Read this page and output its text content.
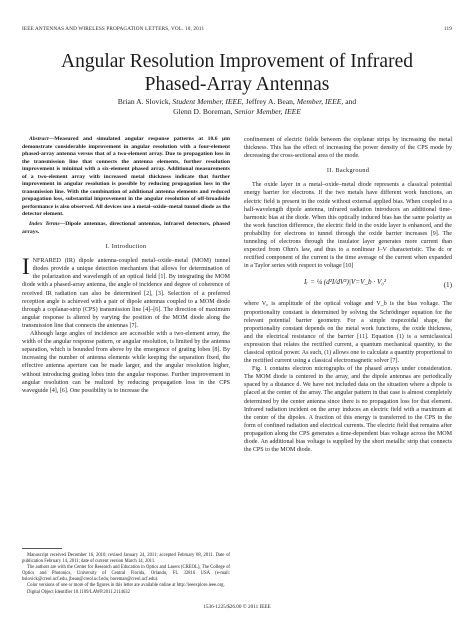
IEEE ANTENNAS AND WIRELESS PROPAGATION LETTERS, VOL. 10, 2011	119
Angular Resolution Improvement of Infrared
Phased-Array Antennas
Brian A. Slovick, Student Member, IEEE, Jeffrey A. Bean, Member, IEEE, and
Glenn D. Boreman, Senior Member, IEEE

Abstract—Measured and simulated angular response patterns at 10.6 μm demonstrate considerable improvement in angular resolution with a four-element phased-array antenna versus that of a two-element array. Due to propagation loss in the transmission line that connects the antenna elements, further resolution improvement is minimal with a six-element phased array. Additional measurements of a two-element array with increased metal thickness indicate that further improvement in angular resolution is possible by reducing propagation loss in the transmission line. With the combination of additional antenna elements and reduced propagation loss, substantial improvement in the angular resolution of off-broadside performance is also observed. All devices use a metal–oxide–metal tunnel diode as the detector element.

Index Terms—Dipole antennas, directional antennas, infrared detectors, phased arrays.

I. Introduction

INFRARED (IR) dipole antenna-coupled metal–oxide–metal (MOM) tunnel diodes provide a unique detection mechanism that allows for determination of the polarization and wavelength of an optical field [1]. By integrating the MOM diode with a phased-array antenna, the angle of incidence and degree of coherence of received IR radiation can also be determined [2], [3]. Selection of a preferred reception angle is achieved with a pair of dipole antennas coupled to a MOM diode through a coplanar-strip (CPS) transmission line [4]–[6]. The direction of maximum angular response is altered by varying the position of the MOM diode along the transmission line that connects the antennas [7].

Although large angles of incidence are accessible with a two-element array, the width of the angular response pattern, or angular resolution, is limited by the antenna separation, which is bounded from above by the emergence of grating lobes [8]. By increasing the number of antenna elements while keeping the separation fixed, the effective antenna aperture can be made larger, and the angular resolution higher, without introducing grating lobes into the angular response. Further improvement in angular resolution can be realized by reducing propagation loss in the CPS waveguide [4], [6]. One possibility is to increase the

Manuscript received December 16, 2010; revised January 24, 2011; accepted February 08, 2011. Date of publication February 14, 2011; date of current version March 14, 2011.

The authors are with the Center for Research and Education in Optics and Lasers (CREOL), The College of Optics and Photonics, University of Central Florida, Orlando, FL 32816 USA (e-mail: bslovick@creol.ucf.edu, jbean@creol.ucf.edu; boreman@creol.ucf.edu).

Color versions of one or more of the figures in this letter are available online at http://ieeexplore.ieee.org.

Digital Object Identifier 10.1109/LAWP.2011.2114632

confinement of electric fields between the coplanar strips by increasing the metal thickness. This has the effect of increasing the power density of the CPS mode by decreasing the cross-sectional area of the mode.

II. Background

The oxide layer in a metal–oxide–metal diode represents a classical potential energy barrier for electrons. If the two metals have different work functions, an electric field is present in the oxide without external applied bias. When coupled to a half-wavelength dipole antenna, infrared radiation introduces an additional time-harmonic bias at the diode. When this optically induced bias has the same polarity as the work function difference, the electric field in the oxide layer is enhanced, and the probability for electrons to tunnel through the oxide barrier increases [9]. The tunneling of electrons through the insulator layer generates more current than expected from Ohm's law, and thus to a nonlinear I–V characteristic. The dc or rectified component of the current is the time average of the current when expanded in a Taylor series with respect to voltage [10]

Iᵣ = ¼ (d²I/dV²)|V=V_b · V₀²	(1)

where V₀ is amplitude of the optical voltage and V_b is the bias voltage. The proportionality constant is determined by solving the Schrödinger equation for the relevant potential barrier geometry. For a simple trapezoidal shape, the proportionality constant depends on the metal work functions, the oxide thickness, and the electrical resistance of the barrier [11]. Equation (1) is a semiclassical expression that relates the rectified current, a quantum mechanical quantity, to the classical optical power. As such, (1) allows one to calculate a quantity proportional to the rectified current using a classical electromagnetic solver [7].

Fig. 1 contains electron micrographs of the phased arrays under consideration. The MOM diode is centered in the array, and the dipole antennas are periodically spaced by a distance d. We have not included data on the situation where a dipole is placed at the center of the array. The angular pattern in that case is almost completely determined by the center antenna since there is no propagation loss for that element. Infrared radiation incident on the array induces an electric field with a maximum at the center of the dipoles. A fraction of this energy is transferred to the CPS in the form of confined radiation and electrical currents. The electric field that remains after propagation along the CPS generates a time-dependent bias voltage across the MOM diode. An additional bias voltage is supplied by the short metallic strip that connects the CPS to the MOM diode.

1536-1225/$26.00 © 2011 IEEE
